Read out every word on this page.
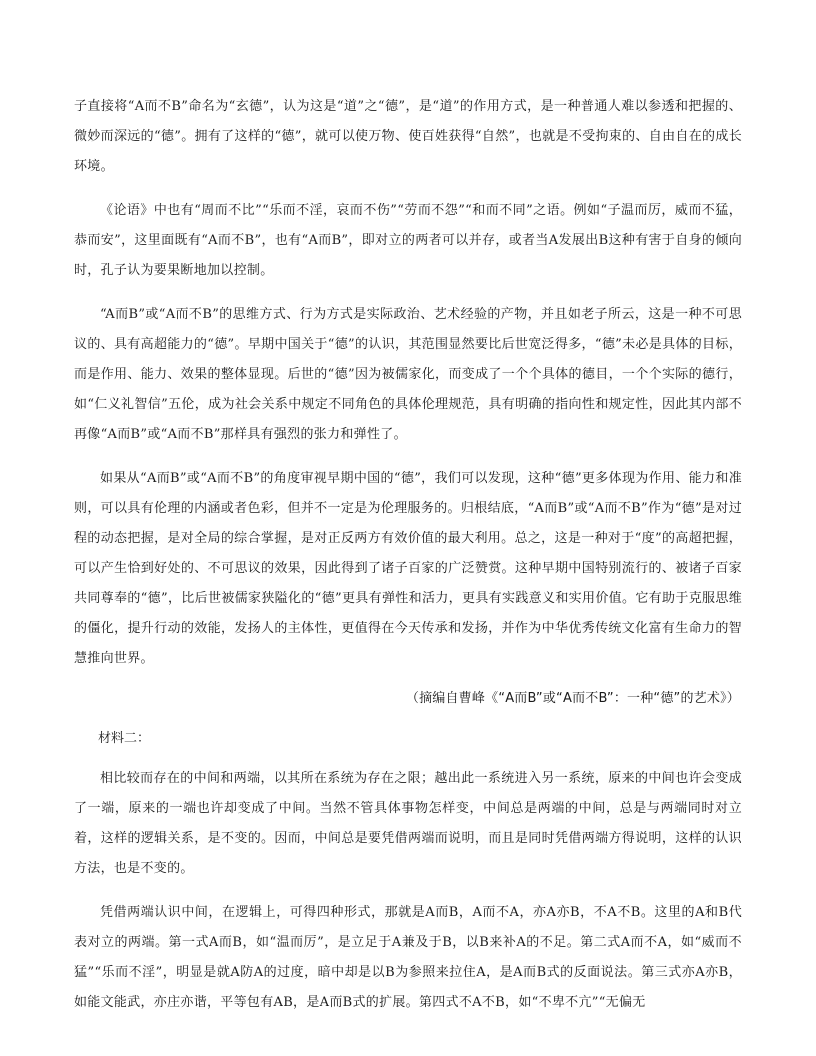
子直接将“A而不B”命名为“玄德”，认为这是“道”之“德”，是“道”的作用方式，是一种普通人难以参透和把握的、微妙而深远的“德”。拥有了这样的“德”，就可以使万物、使百姓获得“自然”，也就是不受拘束的、自由自在的成长环境。

《论语》中也有“周而不比”“乐而不淫，哀而不伤”“劳而不怨”“和而不同”之语。例如“子温而厉，威而不猛，恭而安”，这里面既有“A而不B”，也有“A而B”，即对立的两者可以并存，或者当A发展出B这种有害于自身的倾向时，孔子认为要果断地加以控制。

“A而B”或“A而不B”的思维方式、行为方式是实际政治、艺术经验的产物，并且如老子所云，这是一种不可思议的、具有高超能力的“德”。早期中国关于“德”的认识，其范围显然要比后世宽泛得多，“德”未必是具体的目标，而是作用、能力、效果的整体显现。后世的“德”因为被儒家化，而变成了一个个具体的德目，一个个实际的德行，如“仁义礼智信”五伦，成为社会关系中规定不同角色的具体伦理规范，具有明确的指向性和规定性，因此其内部不再像“A而B”或“A而不B”那样具有强烈的张力和弹性了。

如果从“A而B”或“A而不B”的角度审视早期中国的“德”，我们可以发现，这种“德”更多体现为作用、能力和准则，可以具有伦理的内涵或者色彩，但并不一定是为伦理服务的。归根结底，“A而B”或“A而不B”作为“德”是对过程的动态把握，是对全局的综合掌握，是对正反两方有效价值的最大利用。总之，这是一种对于“度”的高超把握，可以产生恰到好处的、不可思议的效果，因此得到了诸子百家的广泛赞赏。这种早期中国特别流行的、被诸子百家共同尊奉的“德”，比后世被儒家狭隘化的“德”更具有弹性和活力，更具有实践意义和实用价值。它有助于克服思维的僵化，提升行动的效能，发扬人的主体性，更值得在今天传承和发扬，并作为中华优秀传统文化富有生命力的智慧推向世界。

（摘编自曹峰《“A而B”或“A而不B”：一种“德”的艺术》）

材料二：

相比较而存在的中间和两端，以其所在系统为存在之限；越出此一系统进入另一系统，原来的中间也许会变成了一端，原来的一端也许却变成了中间。当然不管具体事物怎样变，中间总是两端的中间，总是与两端同时对立着，这样的逻辑关系，是不变的。因而，中间总是要凭借两端而说明，而且是同时凭借两端方得说明，这样的认识方法，也是不变的。

凭借两端认识中间，在逻辑上，可得四种形式，那就是A而B，A而不A，亦A亦B，不A不B。这里的A和B代表对立的两端。第一式A而B，如“温而厉”，是立足于A兼及于B，以B来补A的不足。第二式A而不A，如“威而不猛”“乐而不淫”，明显是就A防A的过度，暗中却是以B为参照来拉住A，是A而B式的反面说法。第三式亦A亦B，如能文能武，亦庄亦谐，平等包有AB，是A而B式的扩展。第四式不A不B，如“不卑不亢”“无偏无
